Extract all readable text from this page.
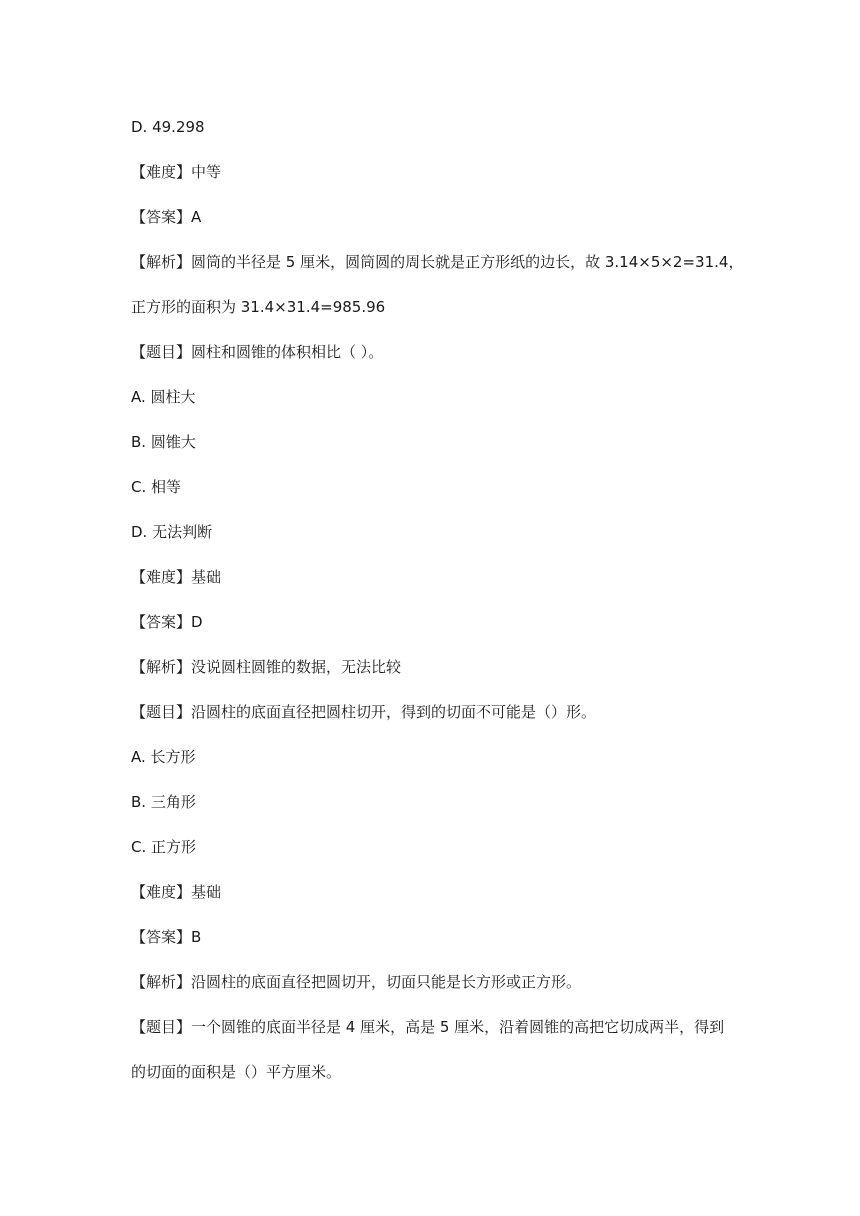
D. 49.298
【难度】中等
【答案】A
【解析】圆筒的半径是 5 厘米，圆筒圆的周长就是正方形纸的边长，故 3.14×5×2=31.4，
正方形的面积为 31.4×31.4=985.96
【题目】圆柱和圆锥的体积相比（ ）。
A. 圆柱大
B. 圆锥大
C. 相等
D. 无法判断
【难度】基础
【答案】D
【解析】没说圆柱圆锥的数据，无法比较
【题目】沿圆柱的底面直径把圆柱切开，得到的切面不可能是（）形。
A. 长方形
B. 三角形
C. 正方形
【难度】基础
【答案】B
【解析】沿圆柱的底面直径把圆切开，切面只能是长方形或正方形。
【题目】一个圆锥的底面半径是 4 厘米，高是 5 厘米，沿着圆锥的高把它切成两半，得到
的切面的面积是（）平方厘米。
